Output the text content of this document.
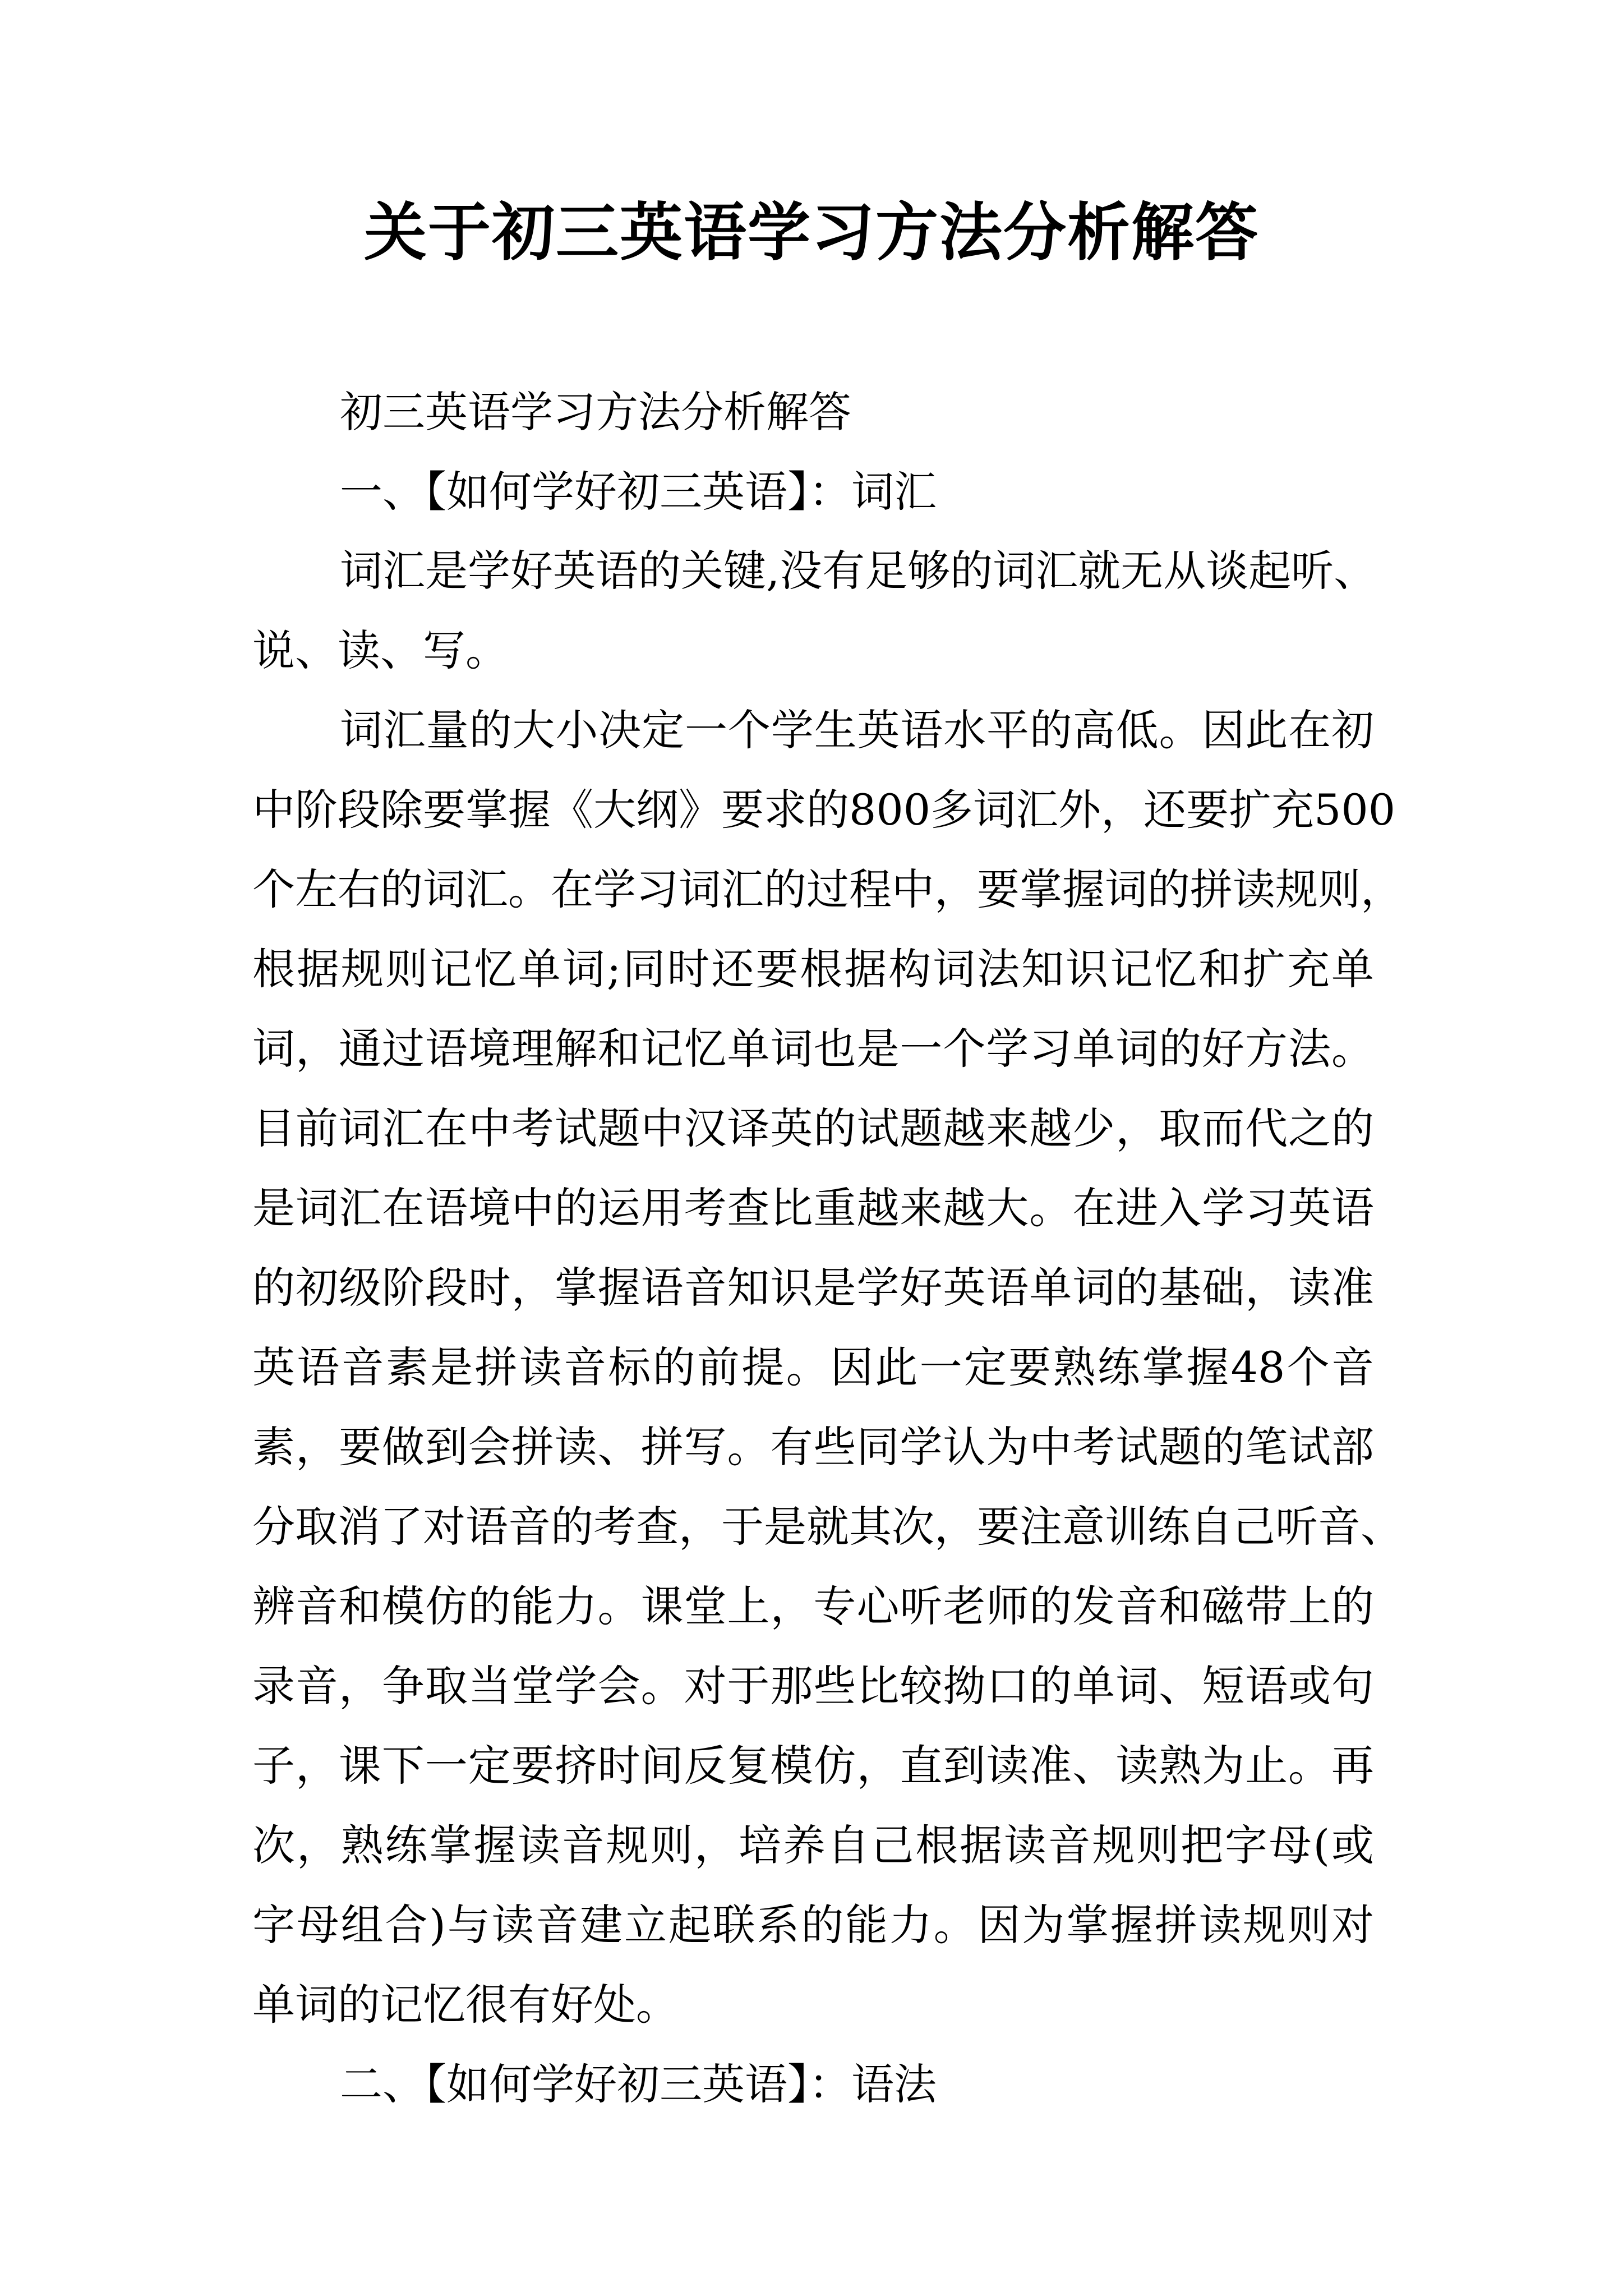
关于初三英语学习方法分析解答

初三英语学习方法分析解答

一、【如何学好初三英语】：词汇

词汇是学好英语的关键,没有足够的词汇就无从谈起听、

说、读、写。

词汇量的大小决定一个学生英语水平的高低。因此在初

中阶段除要掌握《大纲》要求的800多词汇外，还要扩充500

个左右的词汇。在学习词汇的过程中，要掌握词的拼读规则，

根据规则记忆单词;同时还要根据构词法知识记忆和扩充单

词，通过语境理解和记忆单词也是一个学习单词的好方法。

目前词汇在中考试题中汉译英的试题越来越少，取而代之的

是词汇在语境中的运用考查比重越来越大。在进入学习英语

的初级阶段时，掌握语音知识是学好英语单词的基础，读准

英语音素是拼读音标的前提。因此一定要熟练掌握48个音

素，要做到会拼读、拼写。有些同学认为中考试题的笔试部

分取消了对语音的考查，于是就其次，要注意训练自己听音、

辨音和模仿的能力。课堂上，专心听老师的发音和磁带上的

录音，争取当堂学会。对于那些比较拗口的单词、短语或句

子，课下一定要挤时间反复模仿，直到读准、读熟为止。再

次，熟练掌握读音规则，培养自己根据读音规则把字母(或

字母组合)与读音建立起联系的能力。因为掌握拼读规则对

单词的记忆很有好处。

二、【如何学好初三英语】：语法
